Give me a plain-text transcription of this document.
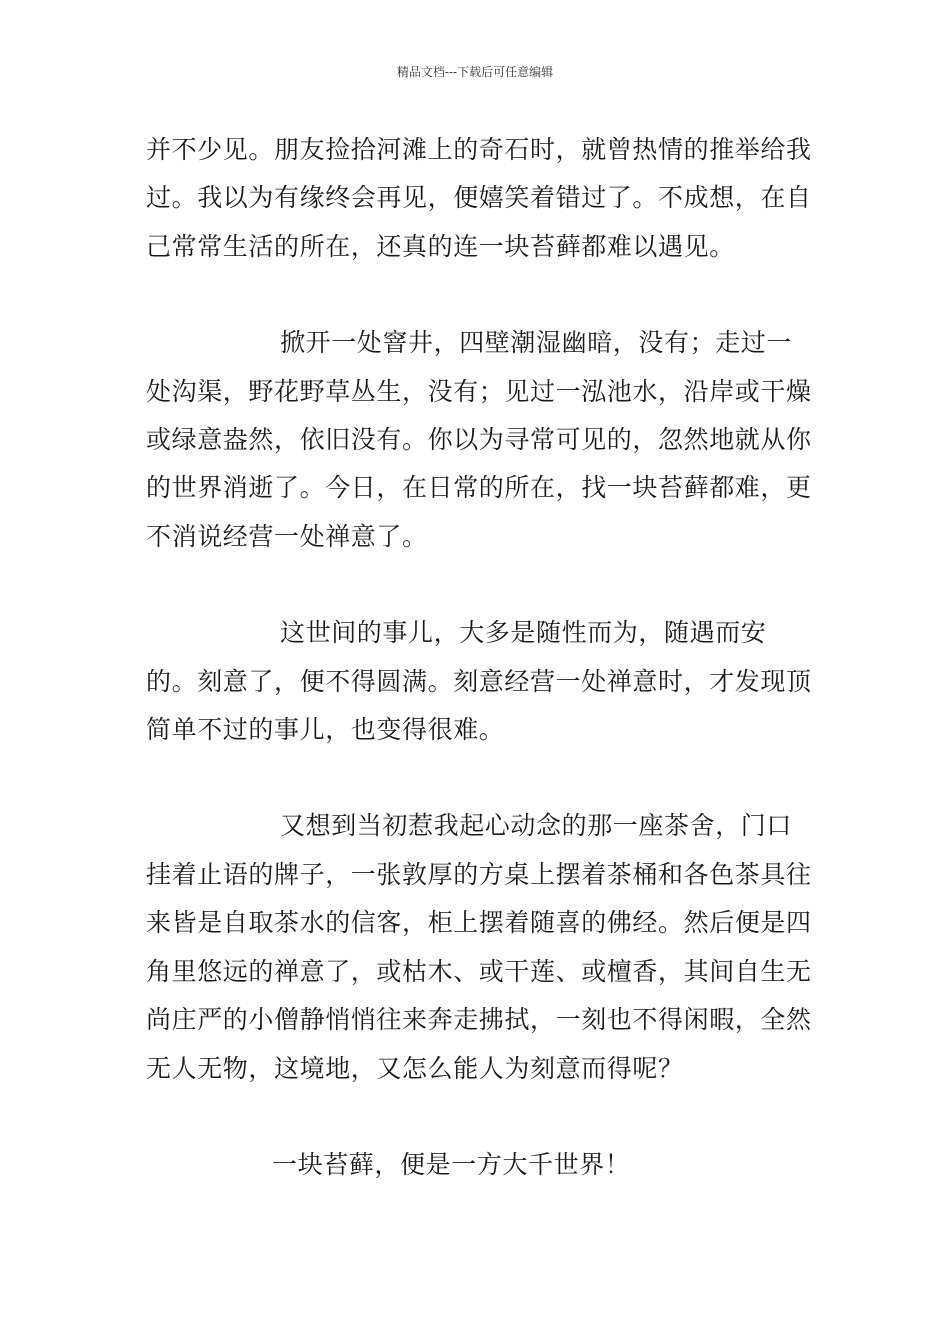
精品文档---下载后可任意编辑

并不少见。朋友捡拾河滩上的奇石时，就曾热情的推举给我过。我以为有缘终会再见，便嬉笑着错过了。不成想，在自己常常生活的所在，还真的连一块苔藓都难以遇见。

掀开一处窨井，四壁潮湿幽暗，没有；走过一处沟渠，野花野草丛生，没有；见过一泓池水，沿岸或干燥或绿意盎然，依旧没有。你以为寻常可见的，忽然地就从你的世界消逝了。今日，在日常的所在，找一块苔藓都难，更不消说经营一处禅意了。

这世间的事儿，大多是随性而为，随遇而安的。刻意了，便不得圆满。刻意经营一处禅意时，才发现顶简单不过的事儿，也变得很难。

又想到当初惹我起心动念的那一座茶舍，门口挂着止语的牌子，一张敦厚的方桌上摆着茶桶和各色茶具往来皆是自取茶水的信客，柜上摆着随喜的佛经。然后便是四角里悠远的禅意了，或枯木、或干莲、或檀香，其间自生无尚庄严的小僧静悄悄往来奔走拂拭，一刻也不得闲暇，全然无人无物，这境地，又怎么能人为刻意而得呢？

一块苔藓，便是一方大千世界！
